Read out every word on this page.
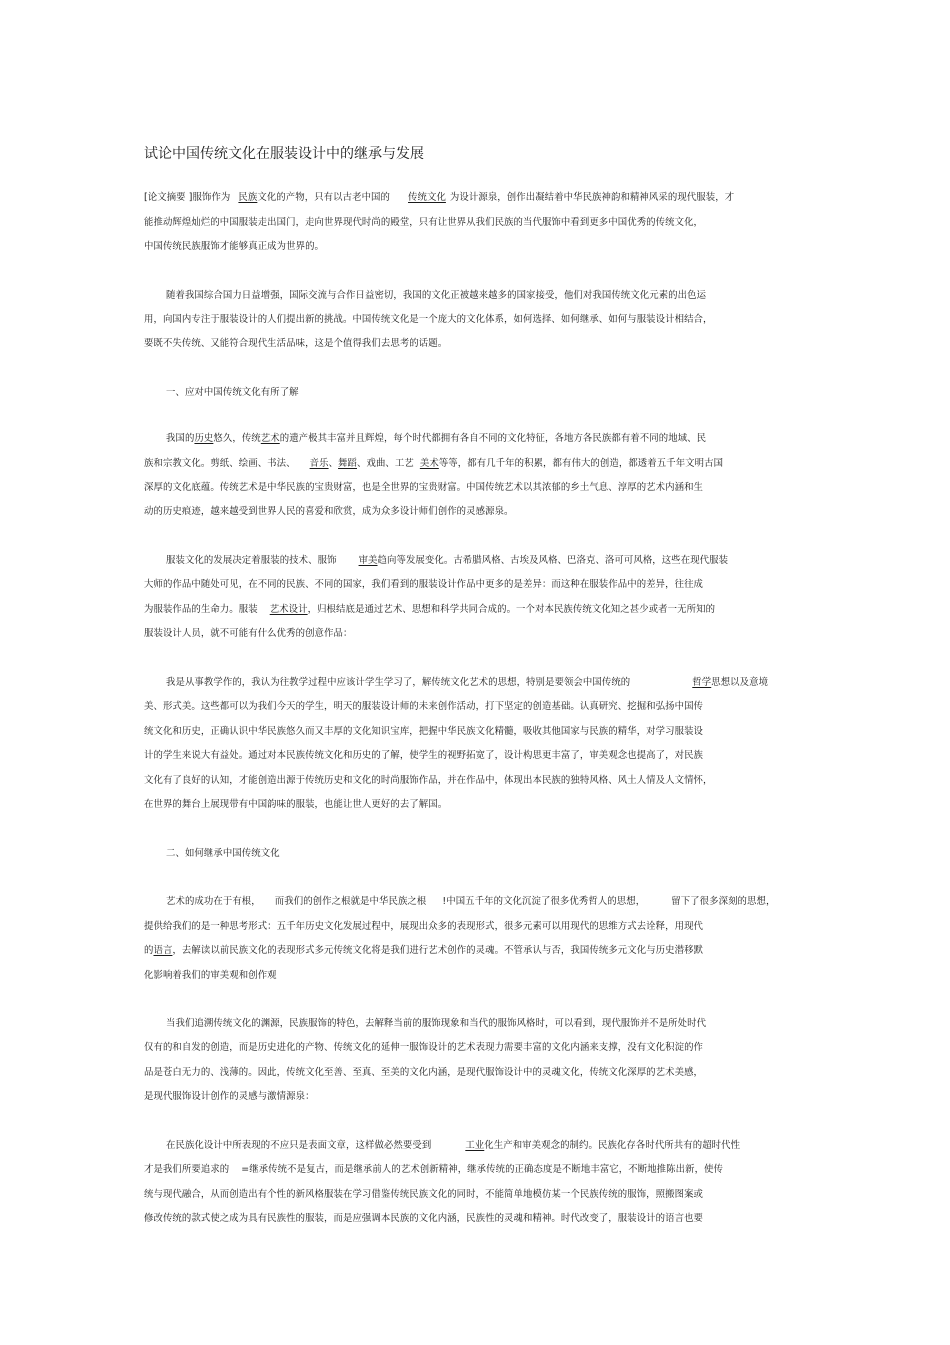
试论中国传统文化在服装设计中的继承与发展
[论文摘要 ]服饰作为 民族文化的产物，只有以古老中国的 传统文化 为设计源泉，创作出凝结着中华民族神韵和精神风采的现代服装，才
能推动辉煌灿烂的中国服装走出国门，走向世界现代时尚的殿堂，只有让世界从我们民族的当代服饰中看到更多中国优秀的传统文化，
中国传统民族服饰才能够真正成为世界的。
随着我国综合国力日益增强，国际交流与合作日益密切，我国的文化正被越来越多的国家接受，他们对我国传统文化元素的出色运
用，向国内专注于服装设计的人们提出新的挑战。中国传统文化是一个庞大的文化体系，如何选择、如何继承、如何与服装设计相结合，
要既不失传统、又能符合现代生活品味，这是个值得我们去思考的话题。
一、应对中国传统文化有所了解
我国的历史悠久，传统艺术的遗产极其丰富并且辉煌，每个时代都拥有各自不同的文化特征，各地方各民族都有着不同的地域、民
族和宗教文化。剪纸、绘画、书法、 音乐、舞蹈、戏曲、工艺 美术等等，都有几千年的积累，都有伟大的创造，都透着五千年文明古国
深厚的文化底蕴。传统艺术是中华民族的宝贵财富，也是全世界的宝贵财富。中国传统艺术以其浓郁的乡土气息、淳厚的艺术内涵和生
动的历史痕迹，越来越受到世界人民的喜爱和欣赏，成为众多设计师们创作的灵感源泉。
服装文化的发展决定着服装的技术、服饰 审美趋向等发展变化。古希腊风格、古埃及风格、巴洛克、洛可可风格，这些在现代服装
大师的作品中随处可见，在不同的民族、不同的国家，我们看到的服装设计作品中更多的是差异：而这种在服装作品中的差异，往往成
为服装作品的生命力。服装 艺术设计，归根结底是通过艺术、思想和科学共同合成的。一个对本民族传统文化知之甚少或者一无所知的
服装设计人员，就不可能有什么优秀的创意作品：
我是从事教学作的，我认为往教学过程中应该计学生学习了，解传统文化艺术的思想，特别是要领会中国传统的	哲学思想以及意境
美、形式美。这些都可以为我们今天的学生，明天的服装设计师的未来创作活动，打下坚定的创造基础。认真研究、挖掘和弘扬中国传
统文化和历史，正确认识中华民族悠久而又丰厚的文化知识宝库，把握中华民族文化精髓，吸收其他国家与民族的精华，对学习服装设
计的学生来说大有益处。通过对本民族传统文化和历史的了解，使学生的视野拓宽了，设计构思更丰富了，审美观念也提高了，对民族
文化有了良好的认知，才能创造出源于传统历史和文化的时尚服饰作品，并在作品中，体现出本民族的独特风格、风土人情及人文情怀，
在世界的舞台上展现带有中国韵味的服装，也能让世人更好的去了解国。
二、如何继承中国传统文化
艺术的成功在于有根， 而我们的创作之根就是中华民族之根 !中国五千年的文化沉淀了很多优秀哲人的思想，	留下了很多深刻的思想，
提供给我们的是一种思考形式：五千年历史文化发展过程中，展现出众多的表现形式，很多元素可以用现代的思维方式去诠释，用现代
的语言，去解读以前民族文化的表现形式多元传统文化将是我们进行艺术创作的灵魂。不管承认与否，我国传统多元文化与历史潜移默
化影响着我们的审美观和创作观
当我们追溯传统文化的渊源，民族服饰的特色，去解释当前的服饰现象和当代的服饰风格时，可以看到，现代服饰并不是所处时代
仅有的和自发的创造，而是历史进化的产物、传统文化的延伸一服饰设计的艺术表现力需要丰富的文化内涵来支撑，没有文化积淀的作
品是苍白无力的、浅薄的。因此，传统文化至善、至真、至美的文化内涵，是现代服饰设计中的灵魂文化，传统文化深厚的艺术美感，
是现代服饰设计创作的灵感与激情源泉：
在民族化设计中所表现的不应只是表面文章，这样做必然要受到	工业化生产和审美观念的制约。民族化存各时代所共有的超时代性
才是我们所要追求的 =继承传统不是复古，而是继承前人的艺术创新精神，继承传统的正确态度是不断地丰富它，不断地推陈出新，使传
统与现代融合，从而创造出有个性的新风格服装在学习借鉴传统民族文化的同时，不能简单地模仿某一个民族传统的服饰，照搬图案或
修改传统的款式使之成为具有民族性的服装，而是应强调本民族的文化内涵，民族性的灵魂和精神。时代改变了，服装设计的语言也要
